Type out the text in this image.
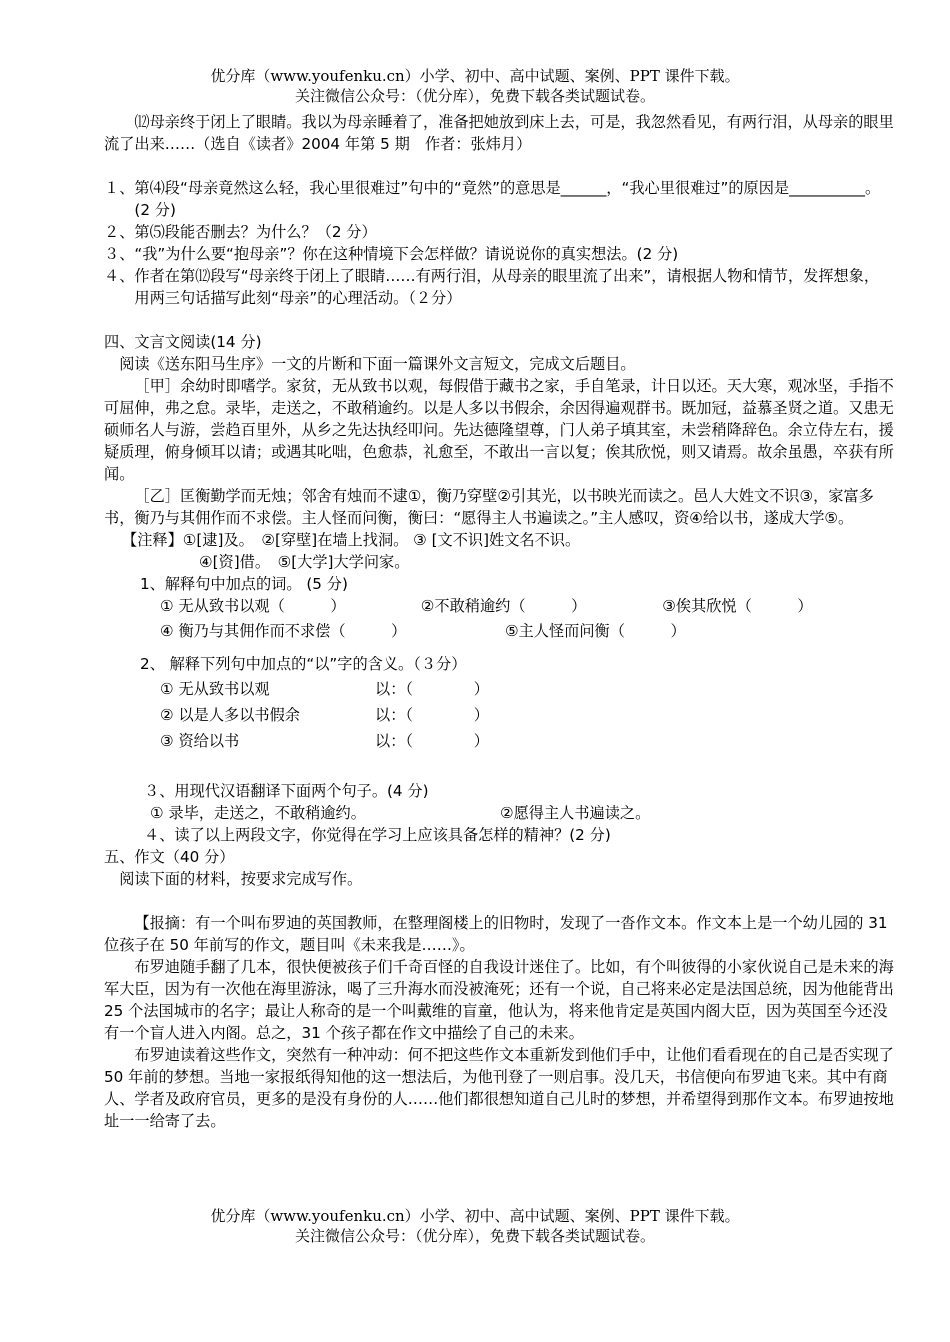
优分库（www.youfenku.cn）小学、初中、高中试题、案例、PPT 课件下载。
关注微信公众号：（优分库），免费下载各类试题试卷。

⑿母亲终于闭上了眼睛。我以为母亲睡着了，准备把她放到床上去，可是，我忽然看见，有两行泪，从母亲的眼里流了出来……（选自《读者》2004 年第 5 期　作者：张炜月）

１、第⑷段“母亲竟然这么轻，我心里很难过”句中的“竟然”的意思是______，“我心里很难过”的原因是__________。(2 分)

２、第⑸段能否删去？为什么？（2 分）

３、“我”为什么要“抱母亲”？你在这种情境下会怎样做？请说说你的真实想法。(2 分)

４、作者在第⑿段写“母亲终于闭上了眼睛……有两行泪，从母亲的眼里流了出来”，请根据人物和情节，发挥想象，用两三句话描写此刻“母亲”的心理活动。（２分）

四、文言文阅读(14 分)

阅读《送东阳马生序》一文的片断和下面一篇课外文言短文，完成文后题目。

［甲］余幼时即嗜学。家贫，无从致书以观，每假借于藏书之家，手自笔录，计日以还。天大寒，观冰坚，手指不可屈伸，弗之怠。录毕，走送之，不敢稍逾约。以是人多以书假余，余因得遍观群书。既加冠，益慕圣贤之道。又患无硕师名人与游，尝趋百里外，从乡之先达执经叩问。先达德隆望尊，门人弟子填其室，未尝稍降辞色。余立侍左右，援疑质理，俯身倾耳以请；或遇其叱咄，色愈恭，礼愈至，不敢出一言以复；俟其欣悦，则又请焉。故余虽愚，卒获有所闻。

［乙］匡衡勤学而无烛；邻舍有烛而不逮①，衡乃穿壁②引其光，以书映光而读之。邑人大姓文不识③，家富多书，衡乃与其佣作而不求偿。主人怪而问衡，衡曰：“愿得主人书遍读之。”主人感叹，资④给以书，遂成大学⑤。

【注释】①[逮]及。　②[穿壁]在墙上找洞。 ③ [文不识]姓文名不识。

④[资]借。　⑤[大学]大学问家。

1、解释句中加点的词。 (5 分)

① 无从致书以观（　　　）	②不敢稍逾约（　　　）	③俟其欣悦（　　　）
④ 衡乃与其佣作而不求偿（　　　）	⑤主人怪而问衡（　　　）

2、 解释下列句中加点的“以”字的含义。（３分）

① 无从致书以观	以：（　　　　）
② 以是人多以书假余	以：（　　　　）
③ 资给以书	以：（　　　　）

３、用现代汉语翻译下面两个句子。(4 分)

① 录毕，走送之，不敢稍逾约。	②愿得主人书遍读之。

４、读了以上两段文字，你觉得在学习上应该具备怎样的精神？(2 分)

五、作文（40 分）

阅读下面的材料，按要求完成写作。

【报摘：有一个叫布罗迪的英国教师，在整理阁楼上的旧物时，发现了一沓作文本。作文本上是一个幼儿园的 31 位孩子在 50 年前写的作文，题目叫《未来我是……》。

布罗迪随手翻了几本，很快便被孩子们千奇百怪的自我设计迷住了。比如，有个叫彼得的小家伙说自己是未来的海军大臣，因为有一次他在海里游泳，喝了三升海水而没被淹死；还有一个说，自己将来必定是法国总统，因为他能背出 25 个法国城市的名字；最让人称奇的是一个叫戴维的盲童，他认为，将来他肯定是英国内阁大臣，因为英国至今还没有一个盲人进入内阁。总之，31 个孩子都在作文中描绘了自己的未来。

布罗迪读着这些作文，突然有一种冲动：何不把这些作文本重新发到他们手中，让他们看看现在的自己是否实现了 50 年前的梦想。当地一家报纸得知他的这一想法后，为他刊登了一则启事。没几天，书信便向布罗迪飞来。其中有商人、学者及政府官员，更多的是没有身份的人……他们都很想知道自己儿时的梦想，并希望得到那作文本。布罗迪按地址一一给寄了去。

优分库（www.youfenku.cn）小学、初中、高中试题、案例、PPT 课件下载。
关注微信公众号：（优分库），免费下载各类试题试卷。
